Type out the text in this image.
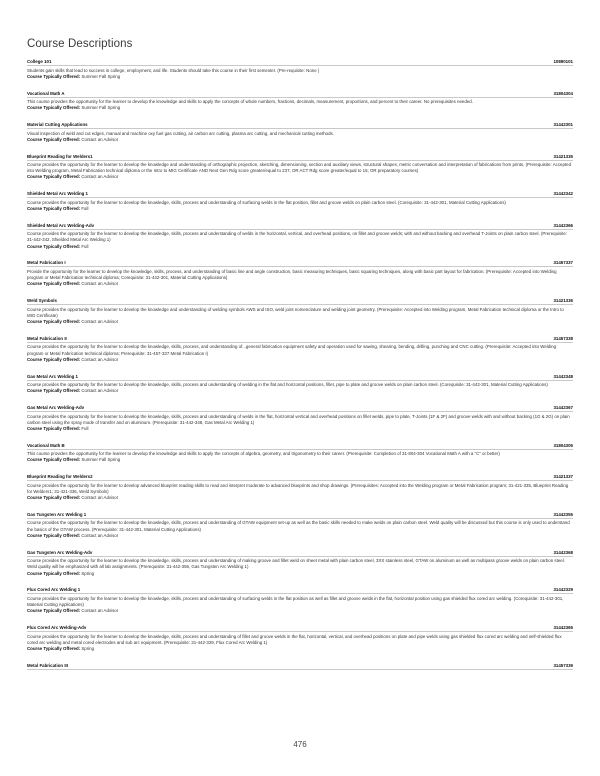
Course Descriptions
College 101	10890101
Students gain skills that lead to success in college, employment, and life. Students should take this course in their first semester. (Pre-requisite: None )
Course Typically Offered: Summer Fall Spring
Vocational Math A	31804304
This course provides the opportunity for the learner to develop the knowledge and skills to apply the concepts of whole numbers, fractions, decimals, measurement, proportions, and percent to their career. No prerequisites needed.
Course Typically Offered: Summer Fall Spring
Material Cutting Applications	31442301
Visual inspection of weld and cut edges, manual and machine oxy fuel gas cutting, air carbon arc cutting, plasma arc cutting, and mechanical cutting methods.
Course Typically Offered: Contact an Advisor
Blueprint Reading for Welders1	31421335
Course provides the opportunity for the learner to develop the knowledge and understanding of orthographic projection, sketching, dimensioning, section and auxiliary views, structural shapes, metric conversation and interpretation of fabrications from prints. (Prerequisite: Accepted into Welding program, Metal Fabrication technical diploma or the Intro to MIG Certificate AND Next Gen Rdg score greater/equal to 237, OR ACT Rdg score greater/equal to 15; OR preparatory courses)
Course Typically Offered: Contact an Advisor
Shielded Metal Arc Welding 1	31442342
Course provides the opportunity for the learner to develop the knowledge, skills, process and understanding of surfacing welds in the flat position, fillet and groove welds on plain carbon steel. (Corequisite: 31-442-301, Material Cutting Applications)
Course Typically Offered: Fall
Shielded Metal Arc Welding-Adv	31442366
Course provides the opportunity for the learner to develop the knowledge, skills, process and understanding of welds in the horizontal, vertical, and overhead positions, on fillet and groove welds; with and without backing and overhead T-Joints on plain carbon steel. (Prerequisite: 31-442-342, Shielded Metal Arc Welding 1)
Course Typically Offered: Full
Metal Fabrication I	31457337
Provide the opportunity for the learner to develop the knowledge, skills, process, and understanding of basic line and angle construction, basic measuring techniques, basic squaring techniques, along with basic part layout for fabrication. (Prerequisite: Accepted into Welding program or Metal Fabrication technical diploma; Corequisite: 31-442-301, Material Cutting Applications)
Course Typically Offered: Contact an Advisor
Weld Symbols	31421336
Course provides the opportunity for the learner to develop the knowledge and understanding of welding symbols AWS and ISO, weld joint nomenclature and welding joint geometry. (Prerequisite: Accepted into Welding program, Metal Fabrication technical diploma or the Intro to MIG Certificate)
Course Typically Offered: Contact an Advisor
Metal Fabrication II	31457338
Course provides the opportunity for the learner to develop the knowledge, skills, process, and understanding of...general fabrication equipment safety and operation used for sawing, shearing, bending, drilling, punching and CNC cutting. (Prerequisite: Accepted into Welding program or Metal Fabrication technical diploma; Prerequisite: 31-457-337 Metal Fabrication I)
Course Typically Offered: Contact an Advisor
Gas Metal Arc Welding 1	31442348
Course provides the opportunity for the learner to develop the knowledge, skills, process and understanding of welding in the flat and horizontal positions, fillet, pipe to plate and groove welds on plain carbon steel. (Corequisite: 31-442-301, Material Cutting Applications)
Course Typically Offered: Contact an Advisor
Gas Metal Arc Welding-Adv	31442367
Course provides the opportunity for the learner to develop the knowledge, skills, process and understanding of welds in the flat, horizontal vertical and overhead positions on fillet welds, pipe to plate, T-Joints (1F & 2F) and groove welds with and without backing (1G & 2G) on plain carbon steel using the spray mode of transfer and on aluminum. (Prerequisite: 31-442-348, Gas Metal Arc Welding 1)
Course Typically Offered: Full
Vocational Math B	31804305
This course provides the opportunity for the learner to develop the knowledge and skills to apply the concepts of algebra, geometry, and trigonometry to their career. (Prerequisite: Completion of 31-804-304 Vocational Math A with a "C" or better)
Course Typically Offered: Summer Fall Spring
Blueprint Reading for Welders2	31421337
Course provides the opportunity for the learner to develop advanced blueprint reading skills to read and interpret moderate to advanced blueprints and shop drawings. (Prerequisites: Accepted into the Welding program or Metal Fabrication program; 31-421-335, Blueprint Reading for Welders1; 31-421-336, Weld Symbols)
Course Typically Offered: Contact an Advisor
Gas Tungsten Arc Welding 1	31442355
Course provides the opportunity for the learner to develop the knowledge, skills, process and understanding of GTAW equipment set-up as well as the basic skills needed to make welds on plain carbon steel. Weld quality will be discussed but this course is only used to understand the basics of the GTAW process. (Prerequisite: 31-442-301, Material Cutting Applications)
Course Typically Offered: Contact an Advisor
Gas Tungsten Arc Welding-Adv	31442368
Course provides the opportunity for the learner to develop the knowledge, skills, process and understanding of making groove and fillet weld on sheet metal with plain carbon steel, 3XX stainless steel, GTAW on aluminum as well as multipass groove welds on plain carbon steel. Weld quality will be emphasized with all lab assignments. (Prerequisite: 31-442-355, Gas Tungsten Arc Welding 1)
Course Typically Offered: Spring
Flux Cored Arc Welding 1	31442329
Course provides the opportunity for the learner to develop the knowledge, skills, process and understanding of surfacing welds in the flat position as well as fillet and groove welds in the flat, horizontal position using gas shielded flux cored arc welding. (Corequisite: 31-442-301, Material Cutting Applications)
Course Typically Offered: Contact an Advisor
Flux Cored Arc Welding-Adv	31442365
Course provides the opportunity for the learner to develop the knowledge, skills, process and understanding of fillet and groove welds in the flat, horizontal, vertical, and overhead positions on plate and pipe welds using gas shielded flux cored arc welding and self-shielded flux cored arc welding and metal cored electrodes and sub arc equipment. (Prerequisite: 31-442-329, Flux Cored Arc Welding 1)
Course Typically Offered: Spring
Metal Fabrication III	31457339
476
